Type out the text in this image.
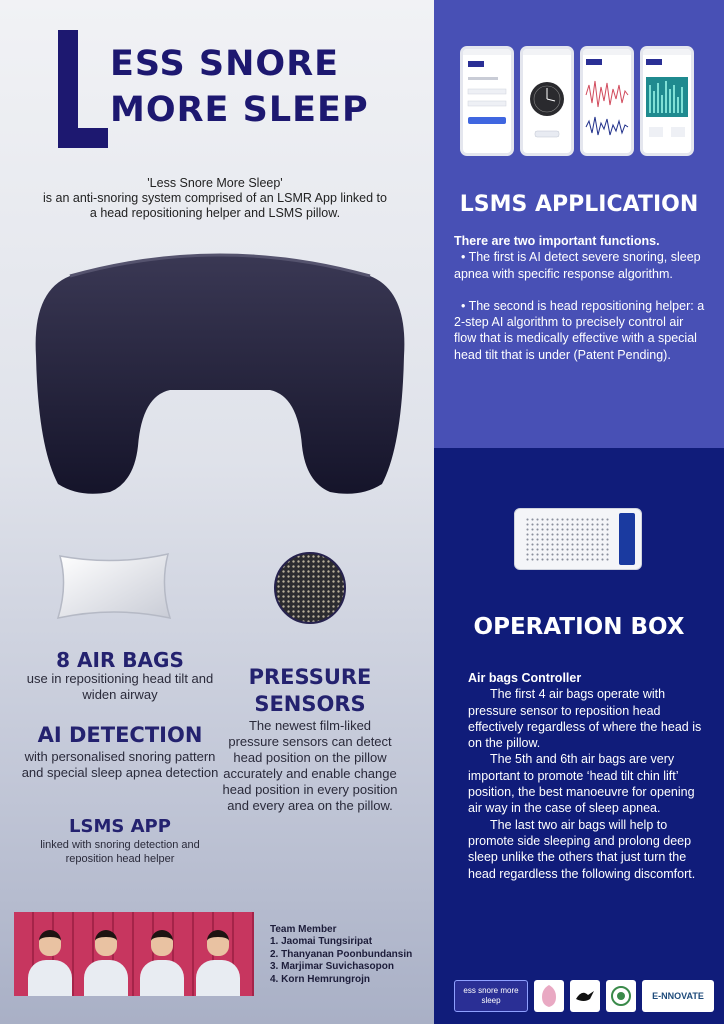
ESS SNORE
MORE SLEEP
'Less Snore More Sleep'
is an anti-snoring system comprised of an LSMR App linked to
a head repositioning helper and LSMS pillow.
8 AIR BAGS
use in repositioning head tilt and widen airway
AI DETECTION
with personalised snoring pattern and special sleep apnea detection
LSMS APP
linked with snoring detection and reposition head helper
PRESSURE SENSORS
The newest film-liked pressure sensors can detect head position on the pillow accurately and enable change head position in every position and every area on the pillow.
Team Member
1. Jaomai Tungsiripat
2. Thanyanan Poonbundansin
3. Marjimar Suvichasopon
4. Korn Hemrungrojn
LSMS APPLICATION

There are two important functions.

• The first is AI detect severe snoring, sleep apnea with specific response algorithm.

• The second is head repositioning helper: a 2-step AI algorithm to precisely control air flow that is medically effective with a special head tilt that is under (Patent Pending).

OPERATION BOX

Air bags Controller

The first 4 air bags operate with pressure sensor to reposition head effectively regardless of where the head is on the pillow.

The 5th and 6th air bags are very important to promote ‘head tilt chin lift’ position, the best manoeuvre for opening air way in the case of sleep apnea.

The last two air bags will help to promote side sleeping and prolong deep sleep unlike the others that just turn the head regardless the following discomfort.

ess snore more sleep	E-NNOVATE
